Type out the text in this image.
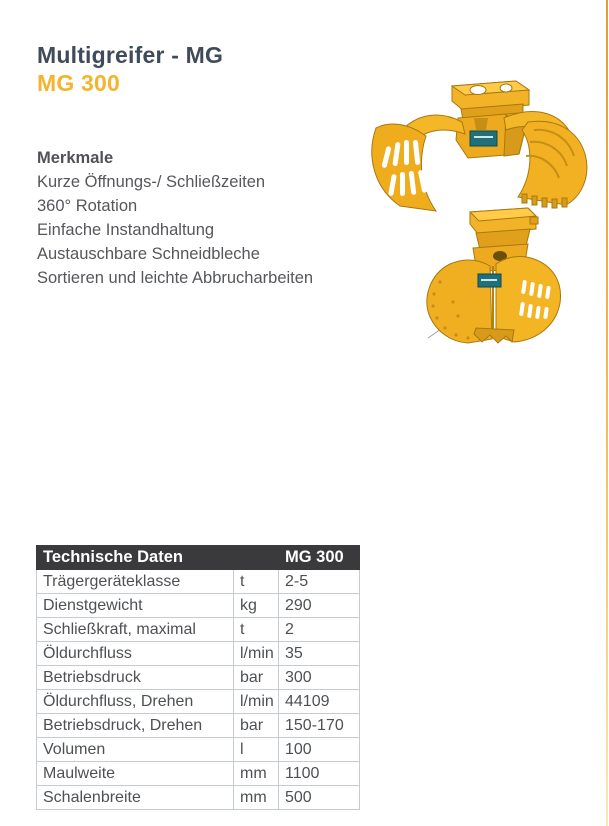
Multigreifer - MG
MG 300
Merkmale
Kurze Öffnungs-/ Schließzeiten
360° Rotation
Einfache Instandhaltung
Austauschbare Schneidbleche
Sortieren und leichte Abbrucharbeiten
Technische Daten		MG 300
Trägergeräteklasse	t	2-5
Dienstgewicht	kg	290
Schließkraft, maximal	t	2
Öldurchfluss	l/min	35
Betriebsdruck	bar	300
Öldurchfluss, Drehen	l/min	44109
Betriebsdruck, Drehen	bar	150-170
Volumen	l	100
Maulweite	mm	1100
Schalenbreite	mm	500
